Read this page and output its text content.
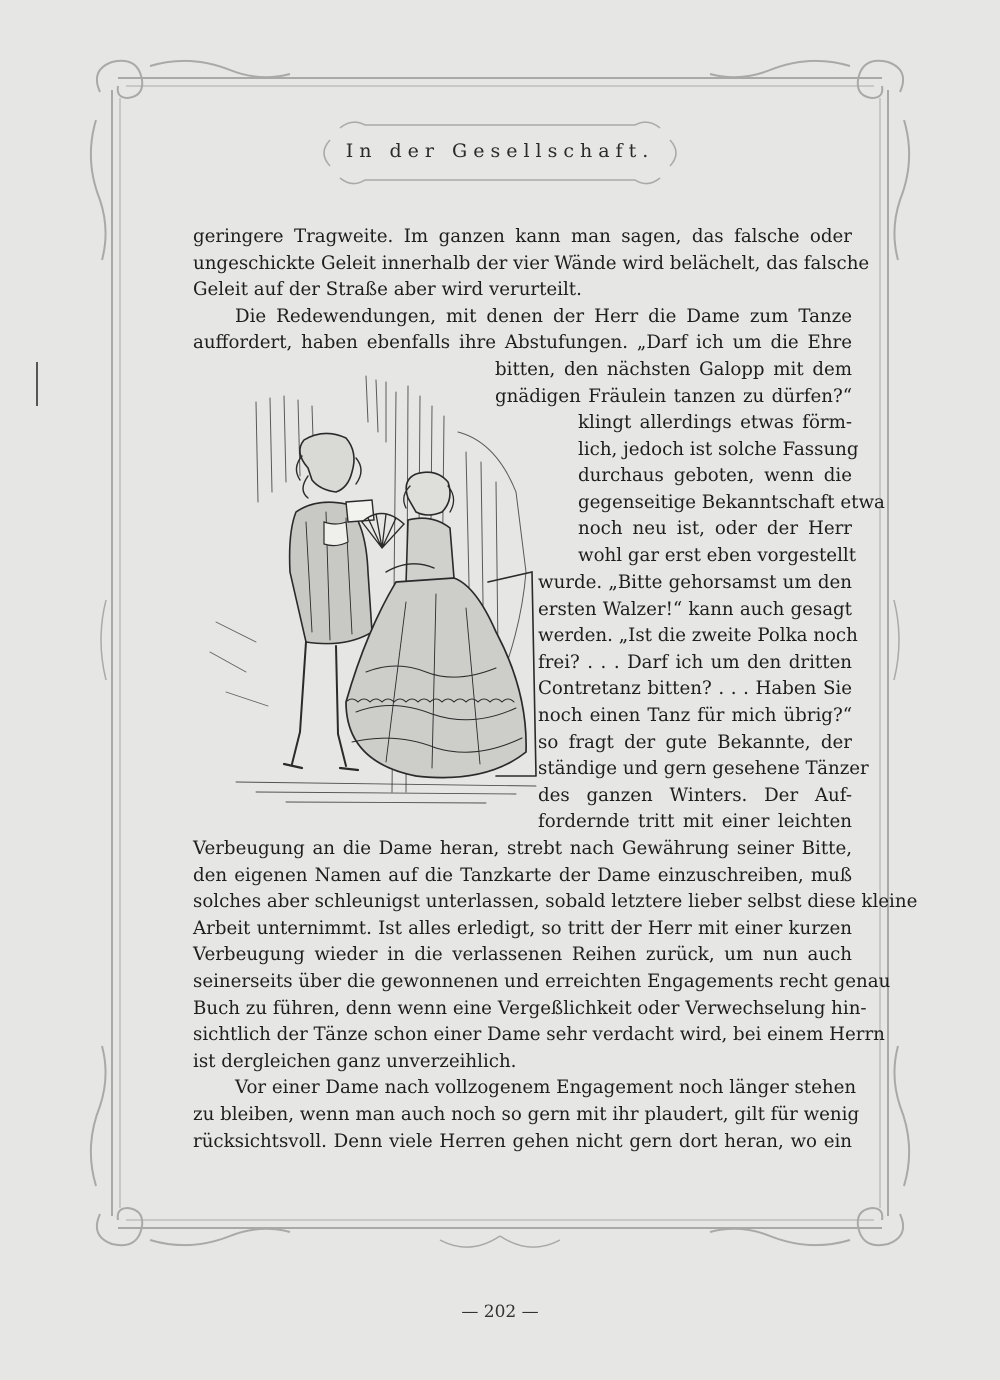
In der Gesellschaft.
geringere Tragweite. Im ganzen kann man sagen, das falsche oder
ungeschickte Geleit innerhalb der vier Wände wird belächelt, das falsche
Geleit auf der Straße aber wird verurteilt.
Die Redewendungen, mit denen der Herr die Dame zum Tanze
auffordert, haben ebenfalls ihre Abstufungen. „Darf ich um die Ehre
bitten, den nächsten Galopp mit dem
gnädigen Fräulein tanzen zu dürfen?“
klingt allerdings etwas förm-
lich, jedoch ist solche Fassung
durchaus geboten, wenn die
gegenseitige Bekanntschaft etwa
noch neu ist, oder der Herr
wohl gar erst eben vorgestellt
wurde. „Bitte gehorsamst um den
ersten Walzer!“ kann auch gesagt
werden. „Ist die zweite Polka noch
frei? . . . Darf ich um den dritten
Contretanz bitten? . . . Haben Sie
noch einen Tanz für mich übrig?“
so fragt der gute Bekannte, der
ständige und gern gesehene Tänzer
des ganzen Winters. Der Auf-
fordernde tritt mit einer leichten
Verbeugung an die Dame heran, strebt nach Gewährung seiner Bitte,
den eigenen Namen auf die Tanzkarte der Dame einzuschreiben, muß
solches aber schleunigst unterlassen, sobald letztere lieber selbst diese kleine
Arbeit unternimmt. Ist alles erledigt, so tritt der Herr mit einer kurzen
Verbeugung wieder in die verlassenen Reihen zurück, um nun auch
seinerseits über die gewonnenen und erreichten Engagements recht genau
Buch zu führen, denn wenn eine Vergeßlichkeit oder Verwechselung hin-
sichtlich der Tänze schon einer Dame sehr verdacht wird, bei einem Herrn
ist dergleichen ganz unverzeihlich.
Vor einer Dame nach vollzogenem Engagement noch länger stehen
zu bleiben, wenn man auch noch so gern mit ihr plaudert, gilt für wenig
rücksichtsvoll. Denn viele Herren gehen nicht gern dort heran, wo ein
— 202 —
